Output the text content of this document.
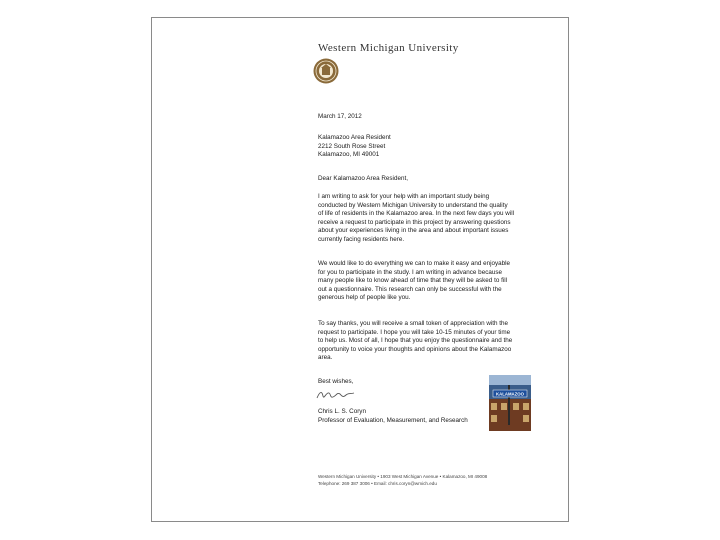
Western Michigan University
March 17, 2012
Kalamazoo Area Resident
2212 South Rose Street
Kalamazoo, MI 49001
Dear Kalamazoo Area Resident,
I am writing to ask for your help with an important study being
conducted by Western Michigan University to understand the quality
of life of residents in the Kalamazoo area. In the next few days you will
receive a request to participate in this project by answering questions
about your experiences living in the area and about important issues
currently facing residents here.
We would like to do everything we can to make it easy and enjoyable
for you to participate in the study. I am writing in advance because
many people like to know ahead of time that they will be asked to fill
out a questionnaire. This research can only be successful with the
generous help of people like you.
To say thanks, you will receive a small token of appreciation with the
request to participate. I hope you will take 10-15 minutes of your time
to help us. Most of all, I hope that you enjoy the questionnaire and the
opportunity to voice your thoughts and opinions about the Kalamazoo
area.
Best wishes,
Chris L. S. Coryn
Professor of Evaluation, Measurement, and Research
KALAMAZOO
Western Michigan University • 1903 West Michigan Avenue • Kalamazoo, MI 49008
Telephone: 269 387 3006 • Email: chris.coryn@wmich.edu
